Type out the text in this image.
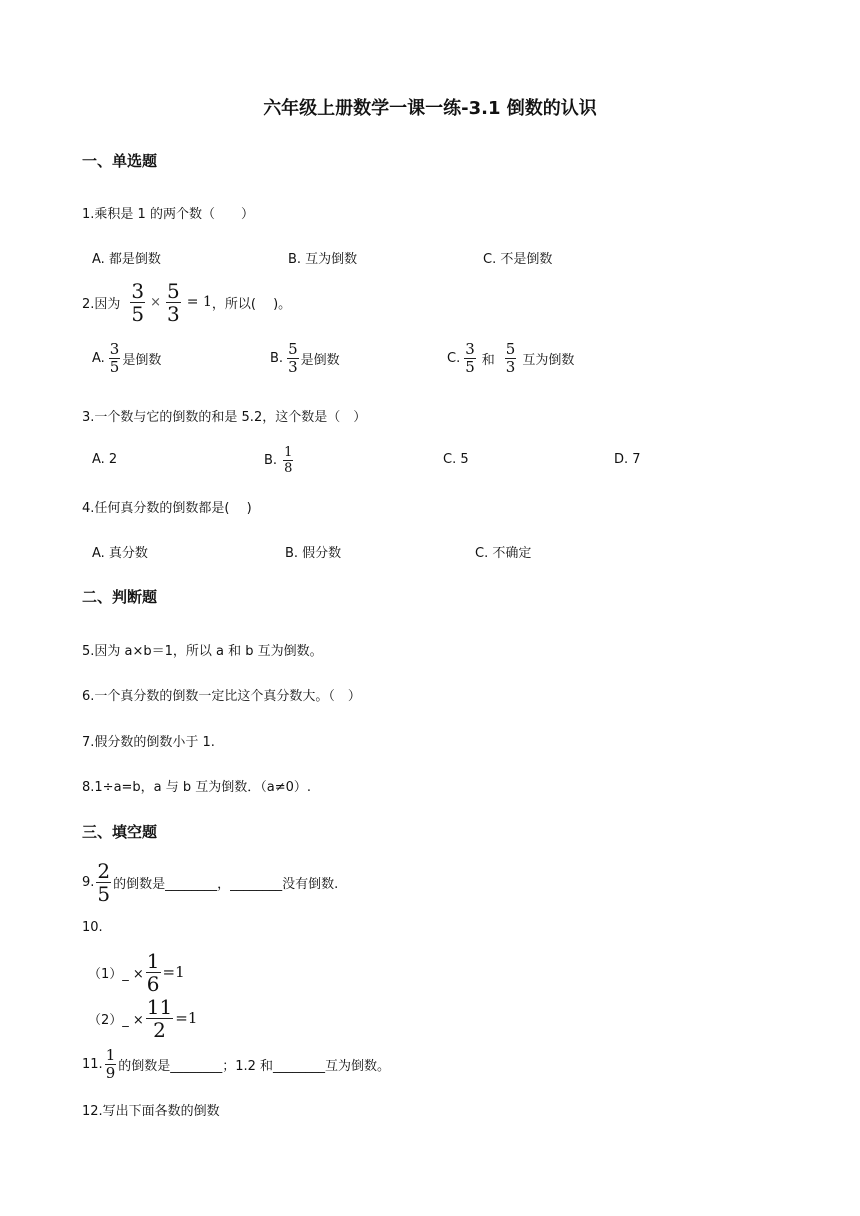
六年级上册数学一课一练-3.1 倒数的认识
一、单选题
1.乘积是 1 的两个数（　　）
A. 都是倒数	B. 互为倒数	C. 不是倒数
2.因为 $\frac{3}{5} \times \frac{5}{3} = 1$ ，所以(　 )。
A. $\frac{3}{5}$ 是倒数	B. $\frac{5}{3}$ 是倒数	C. $\frac{3}{5}$ 和 $\frac{5}{3}$ 互为倒数
3.一个数与它的倒数的和是 5.2，这个数是（　）
A. 2	B. $\frac{1}{8}$	C. 5	D. 7
4.任何真分数的倒数都是(　 )
A. 真分数	B. 假分数	C. 不确定
二、判断题
5.因为 a×b＝1，所以 a 和 b 互为倒数。
6.一个真分数的倒数一定比这个真分数大。（　）
7.假分数的倒数小于 1.
8.1÷a=b，a 与 b 互为倒数．（a≠0）.
三、填空题
9. $\frac{2}{5}$ 的倒数是________，________没有倒数.
10.
（1）_ × $\frac{1}{6} =1$
（2）_ × $\frac{11}{2} =1$
11. $\frac{1}{9}$ 的倒数是________；1.2 和________互为倒数。
12.写出下面各数的倒数
